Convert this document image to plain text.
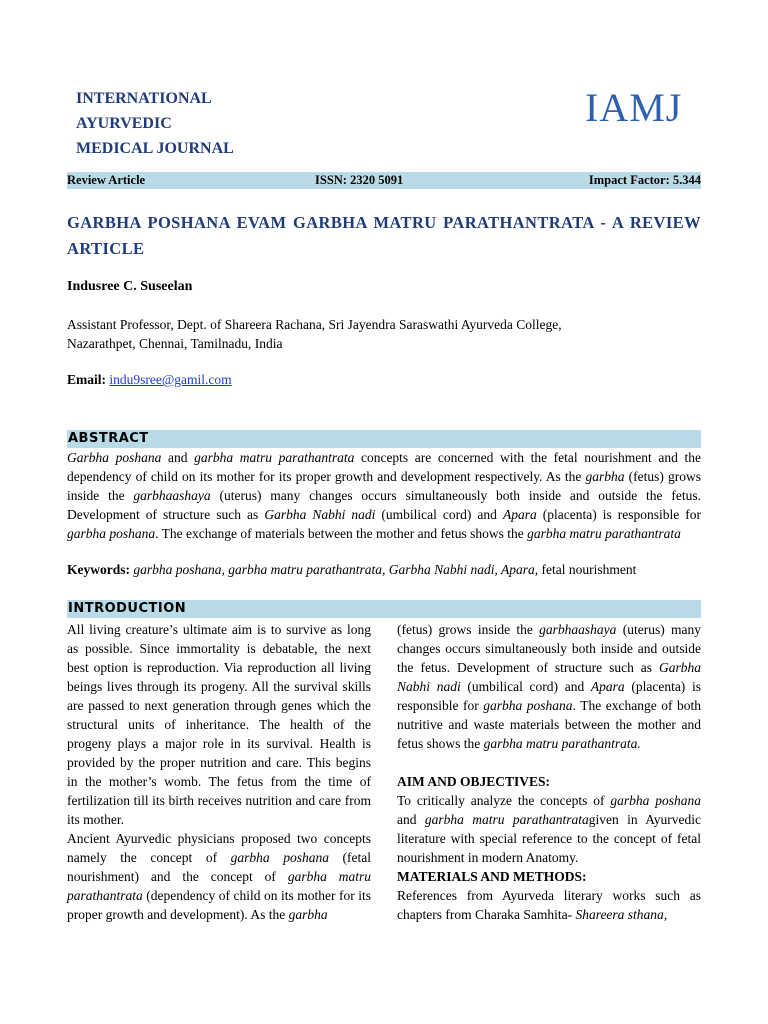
INTERNATIONAL
AYURVEDIC
MEDICAL JOURNAL
IAMJ
Review Article	ISSN: 2320 5091	Impact Factor: 5.344
GARBHA POSHANA EVAM GARBHA MATRU PARATHANTRATA - A REVIEW ARTICLE
Indusree C. Suseelan
Assistant Professor, Dept. of Shareera Rachana, Sri Jayendra Saraswathi Ayurveda College,
Nazarathpet, Chennai, Tamilnadu, India
Email: indu9sree@gamil.com
ABSTRACT
Garbha poshana and garbha matru parathantrata concepts are concerned with the fetal nourishment and the dependency of child on its mother for its proper growth and development respectively. As the garbha (fetus) grows inside the garbhaashaya (uterus) many changes occurs simultaneously both inside and outside the fetus. Development of structure such as Garbha Nabhi nadi (umbilical cord) and Apara (placenta) is responsible for garbha poshana. The exchange of materials between the mother and fetus shows the garbha matru parathantrata
Keywords: garbha poshana, garbha matru parathantrata, Garbha Nabhi nadi, Apara, fetal nourishment
INTRODUCTION

All living creature’s ultimate aim is to survive as long as possible. Since immortality is debatable, the next best option is reproduction. Via reproduction all living beings lives through its progeny. All the survival skills are passed to next generation through genes which the structural units of inheritance. The health of the progeny plays a major role in its survival. Health is provided by the proper nutrition and care. This begins in the mother’s womb. The fetus from the time of fertilization till its birth receives nutrition and care from its mother.

Ancient Ayurvedic physicians proposed two concepts namely the concept of garbha poshana (fetal nourishment) and the concept of garbha matru parathantrata (dependency of child on its mother for its proper growth and development). As the garbha

(fetus) grows inside the garbhaashaya (uterus) many changes occurs simultaneously both inside and outside the fetus. Development of structure such as Garbha Nabhi nadi (umbilical cord) and Apara (placenta) is responsible for garbha poshana. The exchange of both nutritive and waste materials between the mother and fetus shows the garbha matru parathantrata.

AIM AND OBJECTIVES:

To critically analyze the concepts of garbha poshana and garbha matru parathantratagiven in Ayurvedic literature with special reference to the concept of fetal nourishment in modern Anatomy.

MATERIALS AND METHODS:

References from Ayurveda literary works such as chapters from Charaka Samhita- Shareera sthana,
